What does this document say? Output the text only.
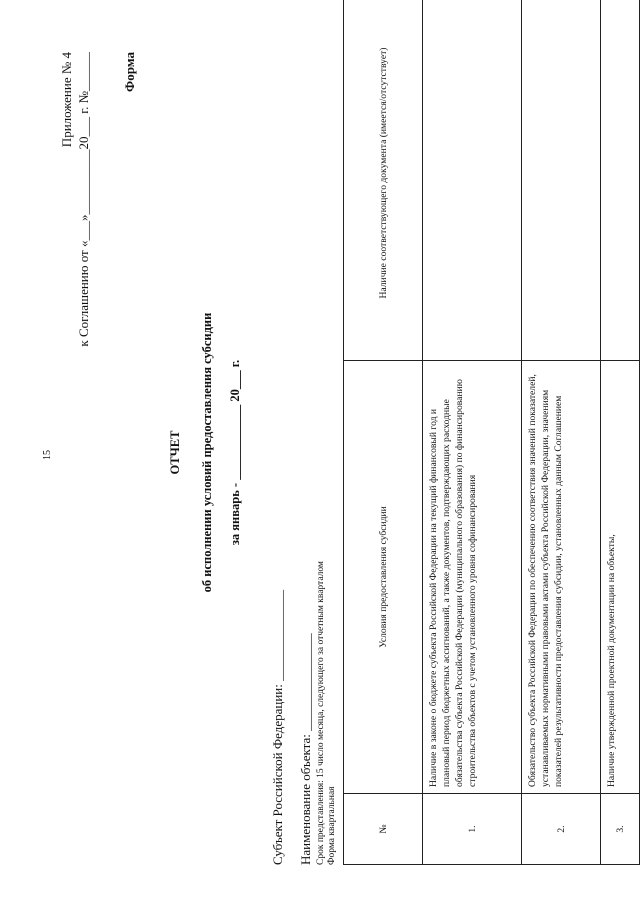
15
Приложение № 4 к Соглашению от «___»__________20___ г. №______ Форма
ОТЧЕТ об исполнении условий предоставления субсидии за январь - ____________ 20___ г.
Субъект Российской Федерации: ______________ Наименование объекта: _______________ Срок представления: 15 число месяца, следующего за отчетным кварталом Форма квартальная	№	Условия предоставления субсидии	Наличие соответствующего документа (имеется/отсутствует)
1.	Наличие в законе о бюджете субъекта Российской Федерации на текущий финансовый год и плановый период бюджетных ассигнований, а также документов, подтверждающих расходные обязательства субъекта Российской Федерации (муниципального образования) по финансированию строительства объектов с учетом установленного уровня софинансирования	
2.	Обязательство субъекта Российской Федерации по обеспечению соответствия значений показателей, устанавливаемых нормативными правовыми актами субъекта Российской Федерации, значениям показателей результативности предоставления субсидии, установленных данным Соглашением	
3.	Наличие утвержденной проектной документации на объекты,	
